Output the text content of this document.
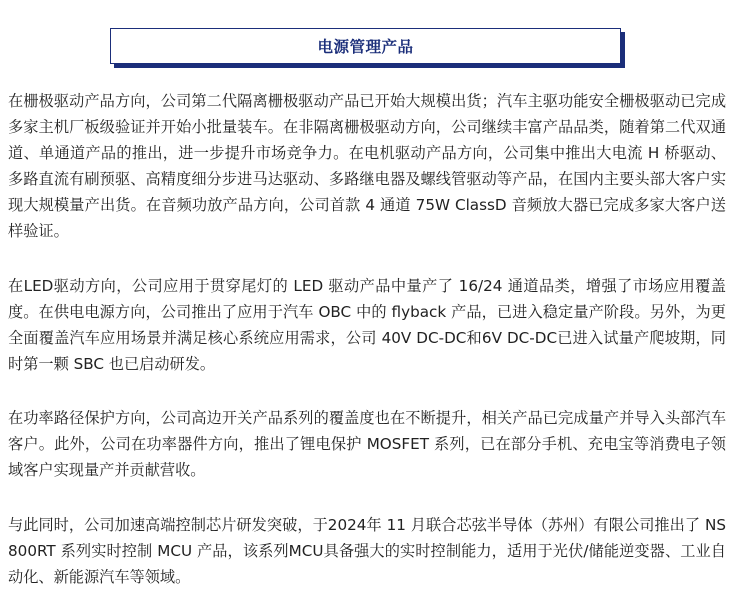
电源管理产品

在栅极驱动产品方向，公司第二代隔离栅极驱动产品已开始大规模出货；汽车主驱功能安全栅极驱动已完成多家主机厂板级验证并开始小批量装车。在非隔离栅极驱动方向，公司继续丰富产品品类，随着第二代双通道、单通道产品的推出，进一步提升市场竞争力。在电机驱动产品方向，公司集中推出大电流 H 桥驱动、多路直流有刷预驱、高精度细分步进马达驱动、多路继电器及螺线管驱动等产品，在国内主要头部大客户实现大规模量产出货。在音频功放产品方向，公司首款 4 通道 75W ClassD 音频放大器已完成多家大客户送样验证。

在LED驱动方向，公司应用于贯穿尾灯的 LED 驱动产品中量产了 16/24 通道品类，增强了市场应用覆盖度。在供电电源方向，公司推出了应用于汽车 OBC 中的 flyback 产品，已进入稳定量产阶段。另外，为更全面覆盖汽车应用场景并满足核心系统应用需求，公司 40V DC-DC和6V DC-DC已进入试量产爬坡期，同时第一颗 SBC 也已启动研发。

在功率路径保护方向，公司高边开关产品系列的覆盖度也在不断提升，相关产品已完成量产并导入头部汽车客户。此外，公司在功率器件方向，推出了锂电保护 MOSFET 系列，已在部分手机、充电宝等消费电子领域客户实现量产并贡献营收。

与此同时，公司加速高端控制芯片研发突破，于2024年 11 月联合芯弦半导体（苏州）有限公司推出了 NS800RT 系列实时控制 MCU 产品，该系列MCU具备强大的实时控制能力，适用于光伏/储能逆变器、工业自动化、新能源汽车等领域。
